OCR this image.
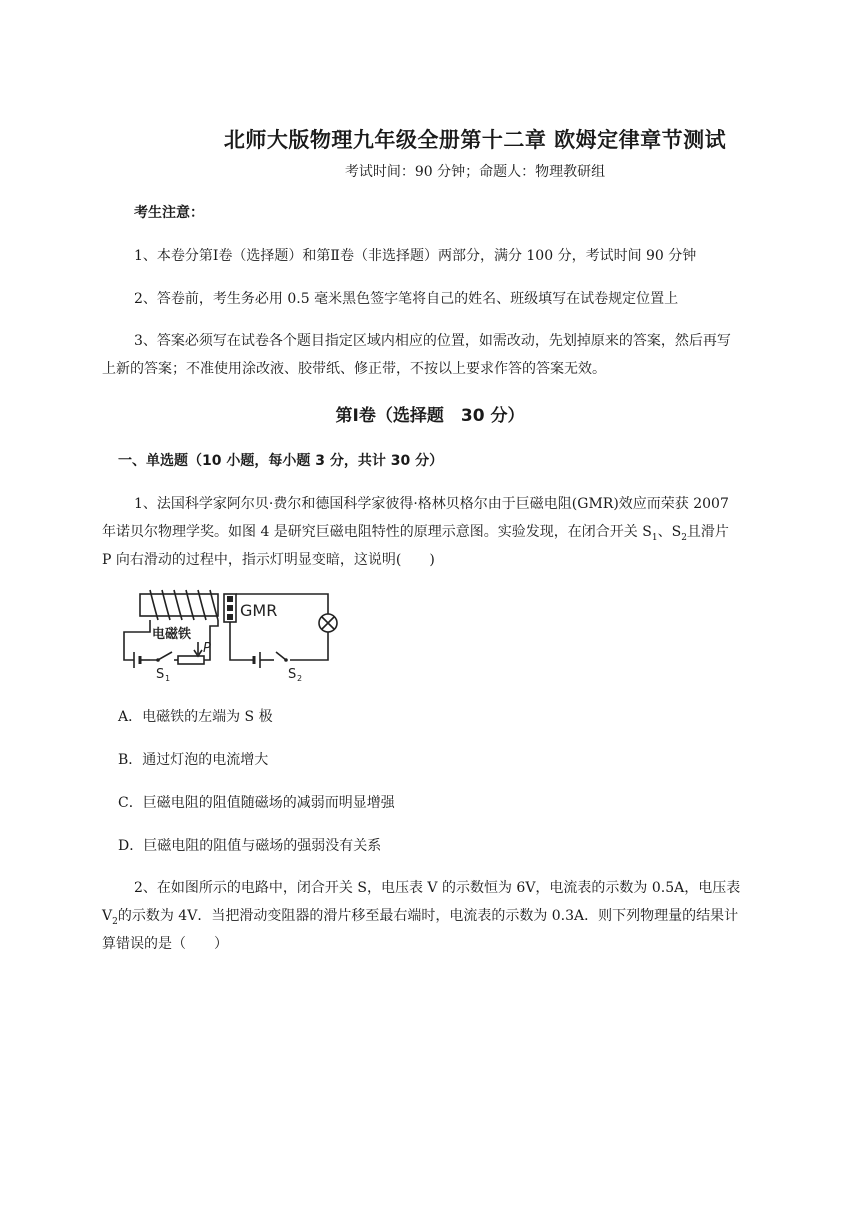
北师大版物理九年级全册第十二章 欧姆定律章节测试
考试时间：90 分钟；命题人：物理教研组
考生注意：
1、本卷分第Ⅰ卷（选择题）和第Ⅱ卷（非选择题）两部分，满分 100 分，考试时间 90 分钟
2、答卷前，考生务必用 0.5 毫米黑色签字笔将自己的姓名、班级填写在试卷规定位置上
3、答案必须写在试卷各个题目指定区域内相应的位置，如需改动，先划掉原来的答案，然后再写
上新的答案；不准使用涂改液、胶带纸、修正带，不按以上要求作答的答案无效。
第Ⅰ卷（选择题　30 分）
一、单选题（10 小题，每小题 3 分，共计 30 分）
1、法国科学家阿尔贝·费尔和德国科学家彼得·格林贝格尔由于巨磁电阻(GMR)效应而荣获 2007
年诺贝尔物理学奖。如图 4 是研究巨磁电阻特性的原理示意图。实验发现，在闭合开关 $S_1$、$S_2$且滑片
P 向右滑动的过程中，指示灯明显变暗，这说明(　　)
GMR
电磁铁
P
S 1	S 2
A．电磁铁的左端为 S 极
B．通过灯泡的电流增大
C．巨磁电阻的阻值随磁场的减弱而明显增强
D．巨磁电阻的阻值与磁场的强弱没有关系
2、在如图所示的电路中，闭合开关 S，电压表 V 的示数恒为 6V，电流表的示数为 0.5A，电压表
$V_2$的示数为 4V．当把滑动变阻器的滑片移至最右端时，电流表的示数为 0.3A．则下列物理量的结果计
算错误的是（　　）
